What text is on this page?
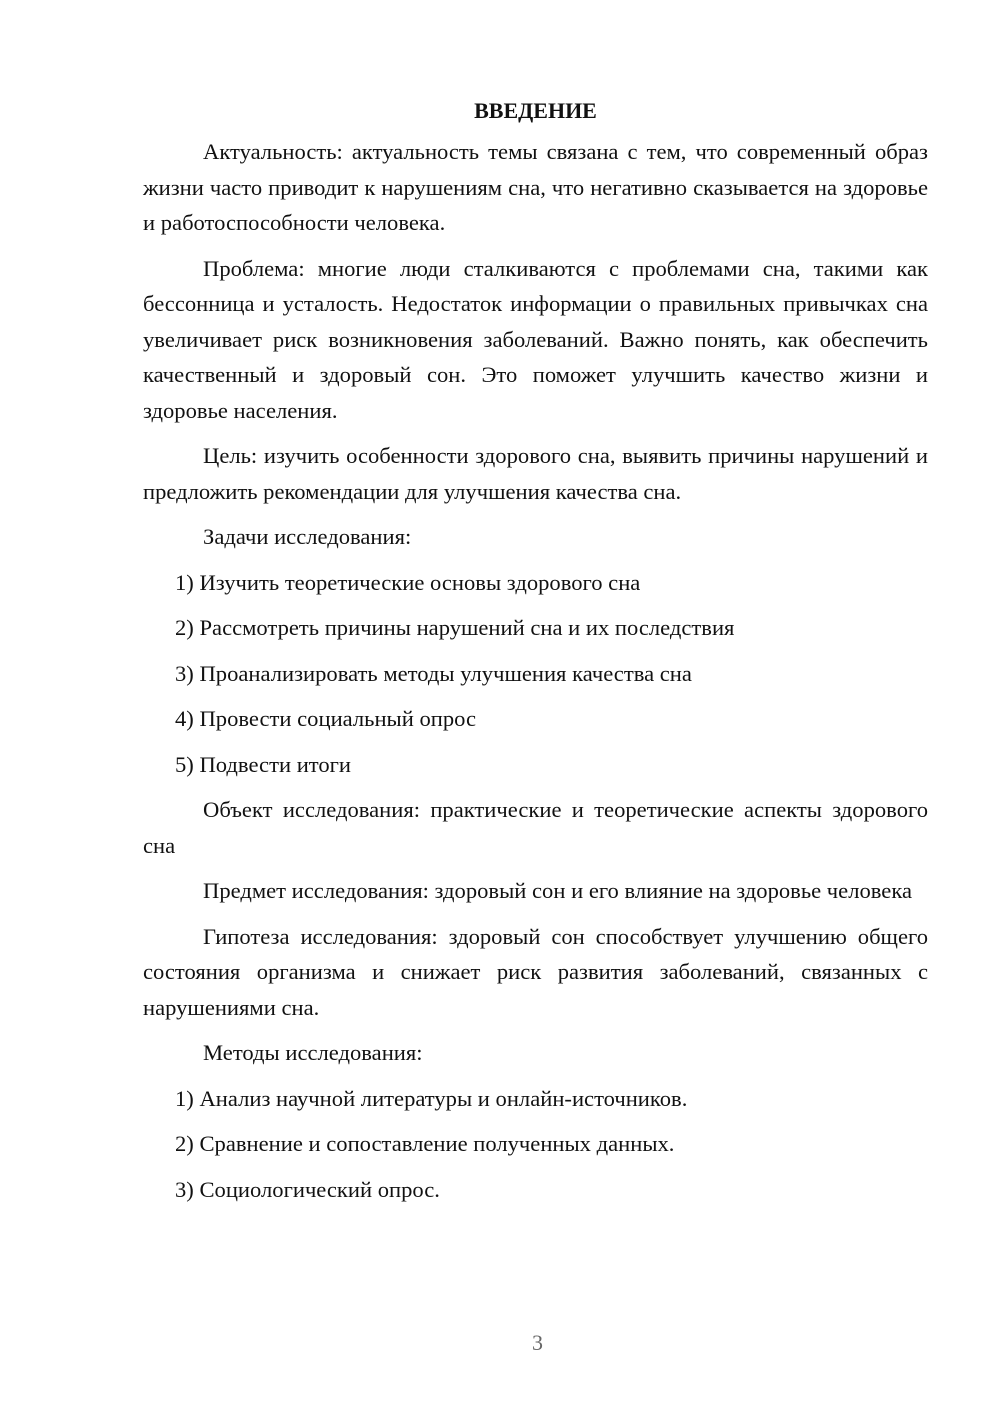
ВВЕДЕНИЕ

Актуальность: актуальность темы связана с тем, что современный образ жизни часто приводит к нарушениям сна, что негативно сказывается на здоровье и работоспособности человека.

Проблема: многие люди сталкиваются с проблемами сна, такими как бессонница и усталость. Недостаток информации о правильных привычках сна увеличивает риск возникновения заболеваний. Важно понять, как обеспечить качественный и здоровый сон. Это поможет улучшить качество жизни и здоровье населения.

Цель: изучить особенности здорового сна, выявить причины нарушений и предложить рекомендации для улучшения качества сна.

Задачи исследования:

1) Изучить теоретические основы здорового сна
2) Рассмотреть причины нарушений сна и их последствия
3) Проанализировать методы улучшения качества сна
4) Провести социальный опрос
5) Подвести итоги

Объект исследования: практические и теоретические аспекты здорового сна

Предмет исследования: здоровый сон и его влияние на здоровье человека

Гипотеза исследования: здоровый сон способствует улучшению общего состояния организма и снижает риск развития заболеваний, связанных с нарушениями сна.

Методы исследования:

1) Анализ научной литературы и онлайн-источников.
2) Сравнение и сопоставление полученных данных.
3) Социологический опрос.
3
